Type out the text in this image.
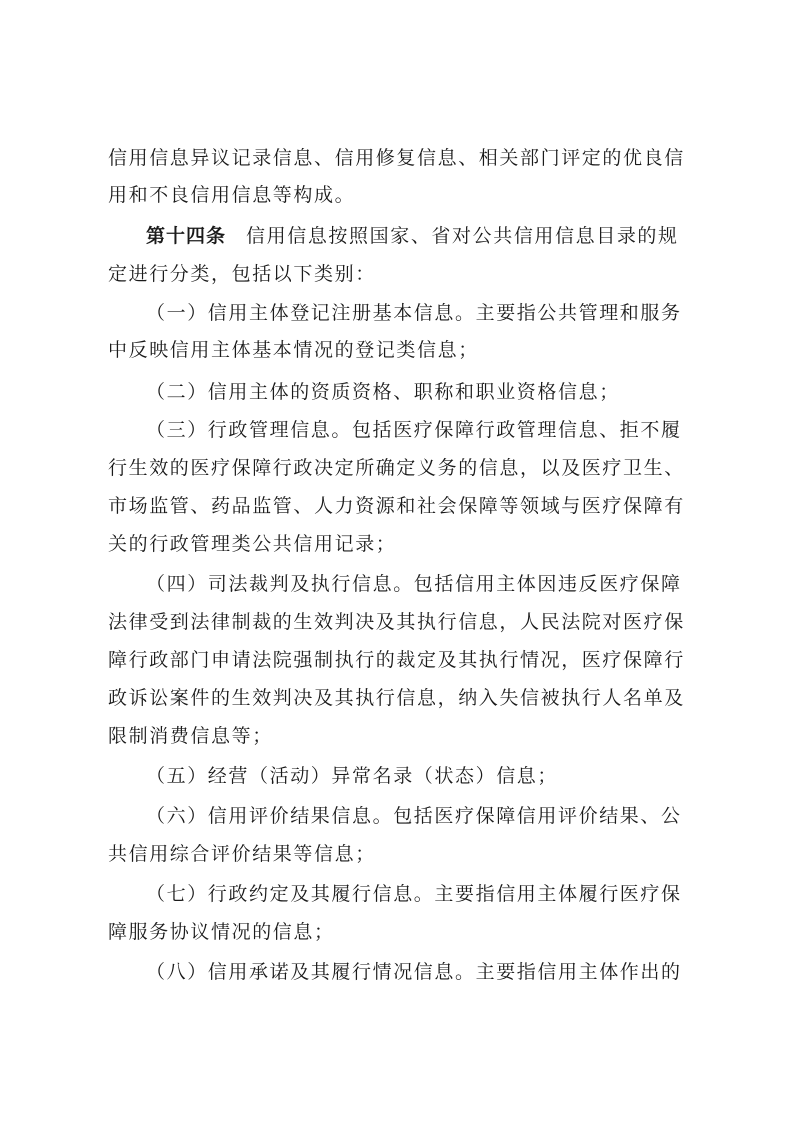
信用信息异议记录信息、信用修复信息、相关部门评定的优良信
用和不良信用信息等构成。
第十四条 信用信息按照国家、省对公共信用信息目录的规
定进行分类，包括以下类别：
（一）信用主体登记注册基本信息。主要指公共管理和服务
中反映信用主体基本情况的登记类信息；
（二）信用主体的资质资格、职称和职业资格信息；
（三）行政管理信息。包括医疗保障行政管理信息、拒不履
行生效的医疗保障行政决定所确定义务的信息，以及医疗卫生、
市场监管、药品监管、人力资源和社会保障等领域与医疗保障有
关的行政管理类公共信用记录；
（四）司法裁判及执行信息。包括信用主体因违反医疗保障
法律受到法律制裁的生效判决及其执行信息，人民法院对医疗保
障行政部门申请法院强制执行的裁定及其执行情况，医疗保障行
政诉讼案件的生效判决及其执行信息，纳入失信被执行人名单及
限制消费信息等；
（五）经营（活动）异常名录（状态）信息；
（六）信用评价结果信息。包括医疗保障信用评价结果、公
共信用综合评价结果等信息；
（七）行政约定及其履行信息。主要指信用主体履行医疗保
障服务协议情况的信息；
（八）信用承诺及其履行情况信息。主要指信用主体作出的
